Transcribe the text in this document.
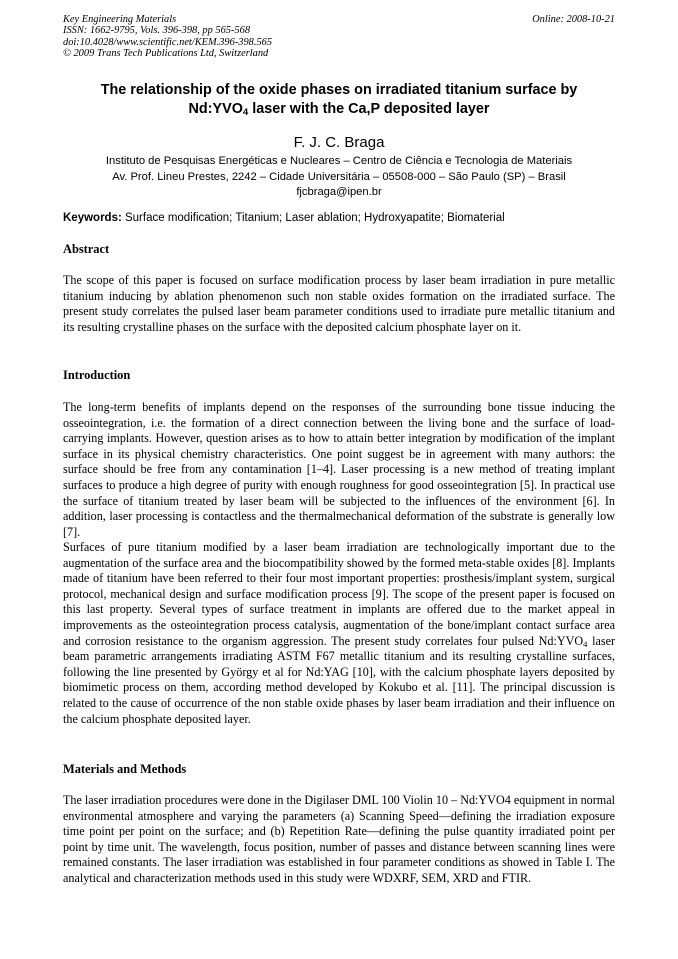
Key Engineering Materials
ISSN: 1662-9795, Vols. 396-398, pp 565-568
doi:10.4028/www.scientific.net/KEM.396-398.565
© 2009 Trans Tech Publications Ltd, Switzerland
Online: 2008-10-21
The relationship of the oxide phases on irradiated titanium surface by
$Nd:YVO_4$ laser with the Ca,P deposited layer
F. J. C. Braga
Instituto de Pesquisas Energéticas e Nucleares – Centro de Ciência e Tecnologia de Materiais
Av. Prof. Lineu Prestes, 2242 – Cidade Universitária – 05508-000 – São Paulo (SP) – Brasil
fjcbraga@ipen.br
Keywords: Surface modification; Titanium; Laser ablation; Hydroxyapatite; Biomaterial
Abstract
The scope of this paper is focused on surface modification process by laser beam irradiation in pure metallic titanium inducing by ablation phenomenon such non stable oxides formation on the irradiated surface. The present study correlates the pulsed laser beam parameter conditions used to irradiate pure metallic titanium and its resulting crystalline phases on the surface with the deposited calcium phosphate layer on it.
Introduction
The long-term benefits of implants depend on the responses of the surrounding bone tissue inducing the osseointegration, i.e. the formation of a direct connection between the living bone and the surface of load-carrying implants. However, question arises as to how to attain better integration by modification of the implant surface in its physical chemistry characteristics. One point suggest be in agreement with many authors: the surface should be free from any contamination [1–4]. Laser processing is a new method of treating implant surfaces to produce a high degree of purity with enough roughness for good osseointegration [5]. In practical use the surface of titanium treated by laser beam will be subjected to the influences of the environment [6]. In addition, laser processing is contactless and the thermalmechanical deformation of the substrate is generally low [7].
Surfaces of pure titanium modified by a laser beam irradiation are technologically important due to the augmentation of the surface area and the biocompatibility showed by the formed meta-stable oxides [8]. Implants made of titanium have been referred to their four most important properties: prosthesis/implant system, surgical protocol, mechanical design and surface modification process [9]. The scope of the present paper is focused on this last property. Several types of surface treatment in implants are offered due to the market appeal in improvements as the osteointegration process catalysis, augmentation of the bone/implant contact surface area and corrosion resistance to the organism aggression. The present study correlates four pulsed $Nd:YVO_4$ laser beam parametric arrangements irradiating ASTM F67 metallic titanium and its resulting crystalline surfaces, following the line presented by György et al for Nd:YAG [10], with the calcium phosphate layers deposited by biomimetic process on them, according method developed by Kokubo et al. [11]. The principal discussion is related to the cause of occurrence of the non stable oxide phases by laser beam irradiation and their influence on the calcium phosphate deposited layer.
Materials and Methods
The laser irradiation procedures were done in the Digilaser DML 100 Violin 10 – Nd:YVO4 equipment in normal environmental atmosphere and varying the parameters (a) Scanning Speed—defining the irradiation exposure time point per point on the surface; and (b) Repetition Rate—defining the pulse quantity irradiated point per point by time unit. The wavelength, focus position, number of passes and distance between scanning lines were remained constants. The laser irradiation was established in four parameter conditions as showed in Table I. The analytical and characterization methods used in this study were WDXRF, SEM, XRD and FTIR.
